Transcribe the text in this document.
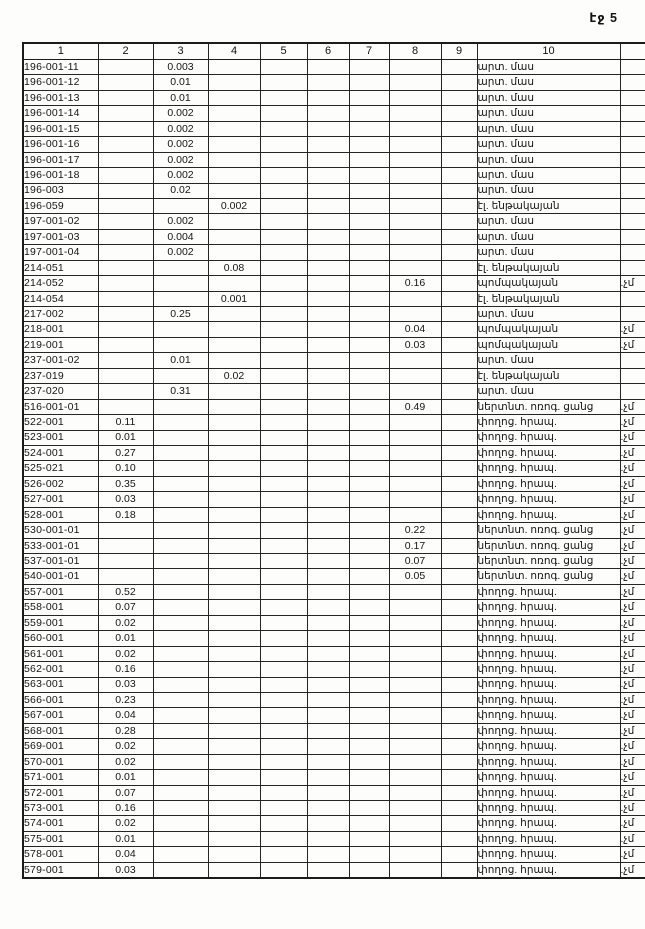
էջ 5
1	2	3	4	5	6	7	8	9	10	
196-001-11		0.003							արտ. մաս	
196-001-12		0.01							արտ. մաս	
196-001-13		0.01							արտ. մաս	
196-001-14		0.002							արտ. մաս	
196-001-15		0.002							արտ. մաս	
196-001-16		0.002							արտ. մաս	
196-001-17		0.002							արտ. մաս	
196-001-18		0.002							արտ. մաս	
196-003		0.02							արտ. մաս	
196-059			0.002						էլ. ենթակայան	
197-001-02		0.002							արտ. մաս	
197-001-03		0.004							արտ. մաս	
197-001-04		0.002							արտ. մաս	
214-051			0.08						էլ. ենթակայան	
214-052							0.16		պոմպակայան	.չմ
214-054			0.001						էլ. ենթակայան	
217-002		0.25							արտ. մաս	
218-001							0.04		պոմպակայան	.չմ
219-001							0.03		պոմպակայան	.չմ
237-001-02		0.01							արտ. մաս	
237-019			0.02						էլ. ենթակայան	
237-020		0.31							արտ. մաս	
516-001-01							0.49		ներտնտ. ոռոգ. ցանց	.չմ
522-001	0.11								փողոց. հրապ.	.չմ
523-001	0.01								փողոց. հրապ.	.չմ
524-001	0.27								փողոց. հրապ.	.չմ
525-021	0.10								փողոց. հրապ.	.չմ
526-002	0.35								փողոց. հրապ.	.չմ
527-001	0.03								փողոց. հրապ.	.չմ
528-001	0.18								փողոց. հրապ.	.չմ
530-001-01							0.22		ներտնտ. ոռոգ. ցանց	.չմ
533-001-01							0.17		ներտնտ. ոռոգ. ցանց	.չմ
537-001-01							0.07		ներտնտ. ոռոգ. ցանց	.չմ
540-001-01							0.05		ներտնտ. ոռոգ. ցանց	.չմ
557-001	0.52								փողոց. հրապ.	.չմ
558-001	0.07								փողոց. հրապ.	.չմ
559-001	0.02								փողոց. հրապ.	.չմ
560-001	0.01								փողոց. հրապ.	.չմ
561-001	0.02								փողոց. հրապ.	.չմ
562-001	0.16								փողոց. հրապ.	.չմ
563-001	0.03								փողոց. հրապ.	.չմ
566-001	0.23								փողոց. հրապ.	.չմ
567-001	0.04								փողոց. հրապ.	.չմ
568-001	0.28								փողոց. հրապ.	.չմ
569-001	0.02								փողոց. հրապ.	.չմ
570-001	0.02								փողոց. հրապ.	.չմ
571-001	0.01								փողոց. հրապ.	.չմ
572-001	0.07								փողոց. հրապ.	.չմ
573-001	0.16								փողոց. հրապ.	.չմ
574-001	0.02								փողոց. հրապ.	.չմ
575-001	0.01								փողոց. հրապ.	.չմ
578-001	0.04								փողոց. հրապ.	.չմ
579-001	0.03								փողոց. հրապ.	.չմ
